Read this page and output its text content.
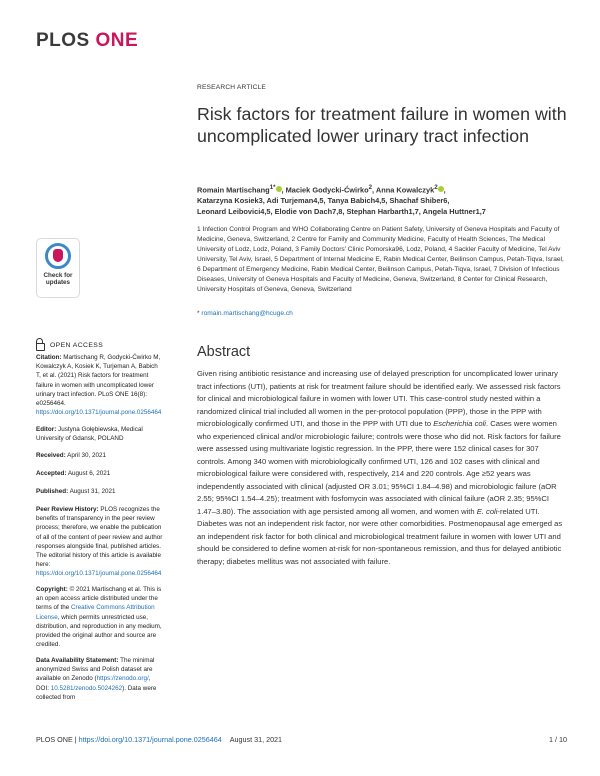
PLOS ONE
Check for
updates
OPEN ACCESS
Citation: Martischang R, Godycki-Ćwirko M, Kowalczyk A, Kosiek K, Turjeman A, Babich T, et al. (2021) Risk factors for treatment failure in women with uncomplicated lower urinary tract infection. PLoS ONE 16(8): e0256464. https://doi.org/10.1371/journal.pone.0256464
Editor: Justyna Gołębiewska, Medical University of Gdansk, POLAND
Received: April 30, 2021
Accepted: August 6, 2021
Published: August 31, 2021
Peer Review History: PLOS recognizes the benefits of transparency in the peer review process; therefore, we enable the publication of all of the content of peer review and author responses alongside final, published articles. The editorial history of this article is available here: https://doi.org/10.1371/journal.pone.0256464
Copyright: © 2021 Martischang et al. This is an open access article distributed under the terms of the Creative Commons Attribution License, which permits unrestricted use, distribution, and reproduction in any medium, provided the original author and source are credited.
Data Availability Statement: The minimal anonymized Swiss and Polish dataset are available on Zenodo (https://zenodo.org/, DOI: 10.5281/zenodo.5024262). Data were collected from
RESEARCH ARTICLE
Risk factors for treatment failure in women with uncomplicated lower urinary tract infection
Romain Martischang$^{1*}$ , Maciek Godycki-Ćwirko$^2$, Anna Kowalczyk$^2$ ,
Katarzyna Kosiek3, Adi Turjeman4,5, Tanya Babich4,5, Shachaf Shiber6,
Leonard Leibovici4,5, Elodie von Dach7,8, Stephan Harbarth1,7, Angela Huttner1,7
1 Infection Control Program and WHO Collaborating Centre on Patient Safety, University of Geneva Hospitals and Faculty of Medicine, Geneva, Switzerland, 2 Centre for Family and Community Medicine, Faculty of Health Sciences, The Medical University of Lodz, Lodz, Poland, 3 Family Doctors' Clinic Pomorska96, Lodz, Poland, 4 Sackler Faculty of Medicine, Tel Aviv University, Tel Aviv, Israel, 5 Department of Internal Medicine E, Rabin Medical Center, Beilinson Campus, Petah-Tiqva, Israel, 6 Department of Emergency Medicine, Rabin Medical Center, Beilinson Campus, Petah-Tiqva, Israel, 7 Division of Infectious Diseases, University of Geneva Hospitals and Faculty of Medicine, Geneva, Switzerland, 8 Center for Clinical Research, University Hospitals of Geneva, Geneva, Switzerland
* romain.martischang@hcuge.ch
Abstract
Given rising antibiotic resistance and increasing use of delayed prescription for uncomplicated lower urinary tract infections (UTI), patients at risk for treatment failure should be identified early. We assessed risk factors for clinical and microbiological failure in women with lower UTI. This case-control study nested within a randomized clinical trial included all women in the per-protocol population (PPP), those in the PPP with microbiologically confirmed UTI, and those in the PPP with UTI due to Escherichia coli. Cases were women who experienced clinical and/or microbiologic failure; controls were those who did not. Risk factors for failure were assessed using multivariate logistic regression. In the PPP, there were 152 clinical cases for 307 controls. Among 340 women with microbiologically confirmed UTI, 126 and 102 cases with clinical and microbiological failure were considered with, respectively, 214 and 220 controls. Age ≥52 years was independently associated with clinical (adjusted OR 3.01; 95%CI 1.84–4.98) and microbiologic failure (aOR 2.55; 95%CI 1.54–4.25); treatment with fosfomycin was associated with clinical failure (aOR 2.35; 95%CI 1.47–3.80). The association with age persisted among all women, and women with E. coli-related UTI. Diabetes was not an independent risk factor, nor were other comorbidities. Postmenopausal age emerged as an independent risk factor for both clinical and microbiological treatment failure in women with lower UTI and should be considered to define women at-risk for non-spontaneous remission, and thus for delayed antibiotic therapy; diabetes mellitus was not associated with failure.
PLOS ONE | https://doi.org/10.1371/journal.pone.0256464 August 31, 2021	1 / 10
